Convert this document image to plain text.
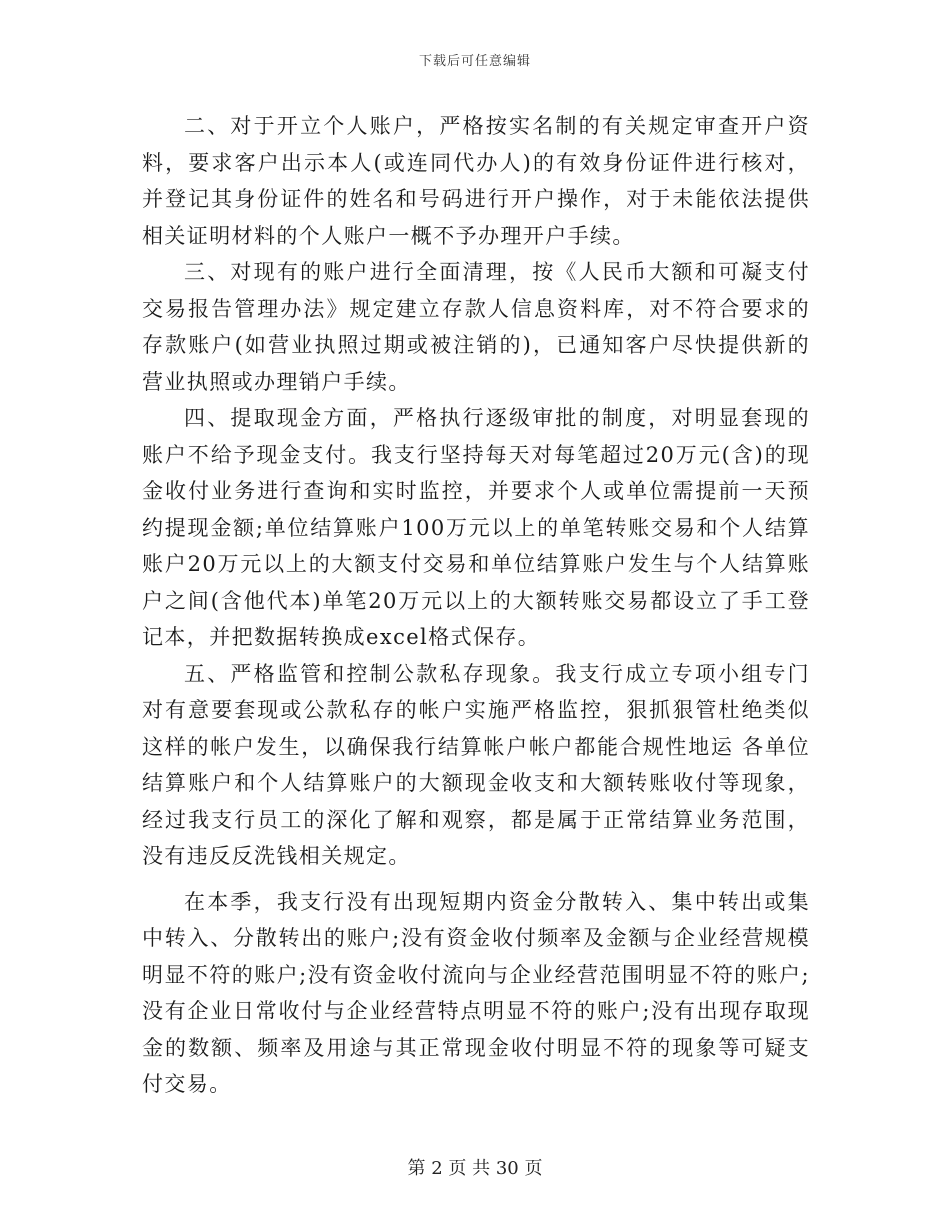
下载后可任意编辑

二、对于开立个人账户，严格按实名制的有关规定审查开户资料，要求客户出示本人(或连同代办人)的有效身份证件进行核对，并登记其身份证件的姓名和号码进行开户操作，对于未能依法提供相关证明材料的个人账户一概不予办理开户手续。

三、对现有的账户进行全面清理，按《人民币大额和可凝支付交易报告管理办法》规定建立存款人信息资料库，对不符合要求的存款账户(如营业执照过期或被注销的)，已通知客户尽快提供新的营业执照或办理销户手续。

四、提取现金方面，严格执行逐级审批的制度，对明显套现的账户不给予现金支付。我支行坚持每天对每笔超过20万元(含)的现金收付业务进行查询和实时监控，并要求个人或单位需提前一天预约提现金额;单位结算账户100万元以上的单笔转账交易和个人结算账户20万元以上的大额支付交易和单位结算账户发生与个人结算账户之间(含他代本)单笔20万元以上的大额转账交易都设立了手工登记本，并把数据转换成excel格式保存。

五、严格监管和控制公款私存现象。我支行成立专项小组专门对有意要套现或公款私存的帐户实施严格监控，狠抓狠管杜绝类似这样的帐户发生，以确保我行结算帐户帐户都能合规性地运 各单位结算账户和个人结算账户的大额现金收支和大额转账收付等现象，经过我支行员工的深化了解和观察，都是属于正常结算业务范围，没有违反反洗钱相关规定。

在本季，我支行没有出现短期内资金分散转入、集中转出或集中转入、分散转出的账户;没有资金收付频率及金额与企业经营规模明显不符的账户;没有资金收付流向与企业经营范围明显不符的账户;没有企业日常收付与企业经营特点明显不符的账户;没有出现存取现金的数额、频率及用途与其正常现金收付明显不符的现象等可疑支付交易。

第 2 页 共 30 页
